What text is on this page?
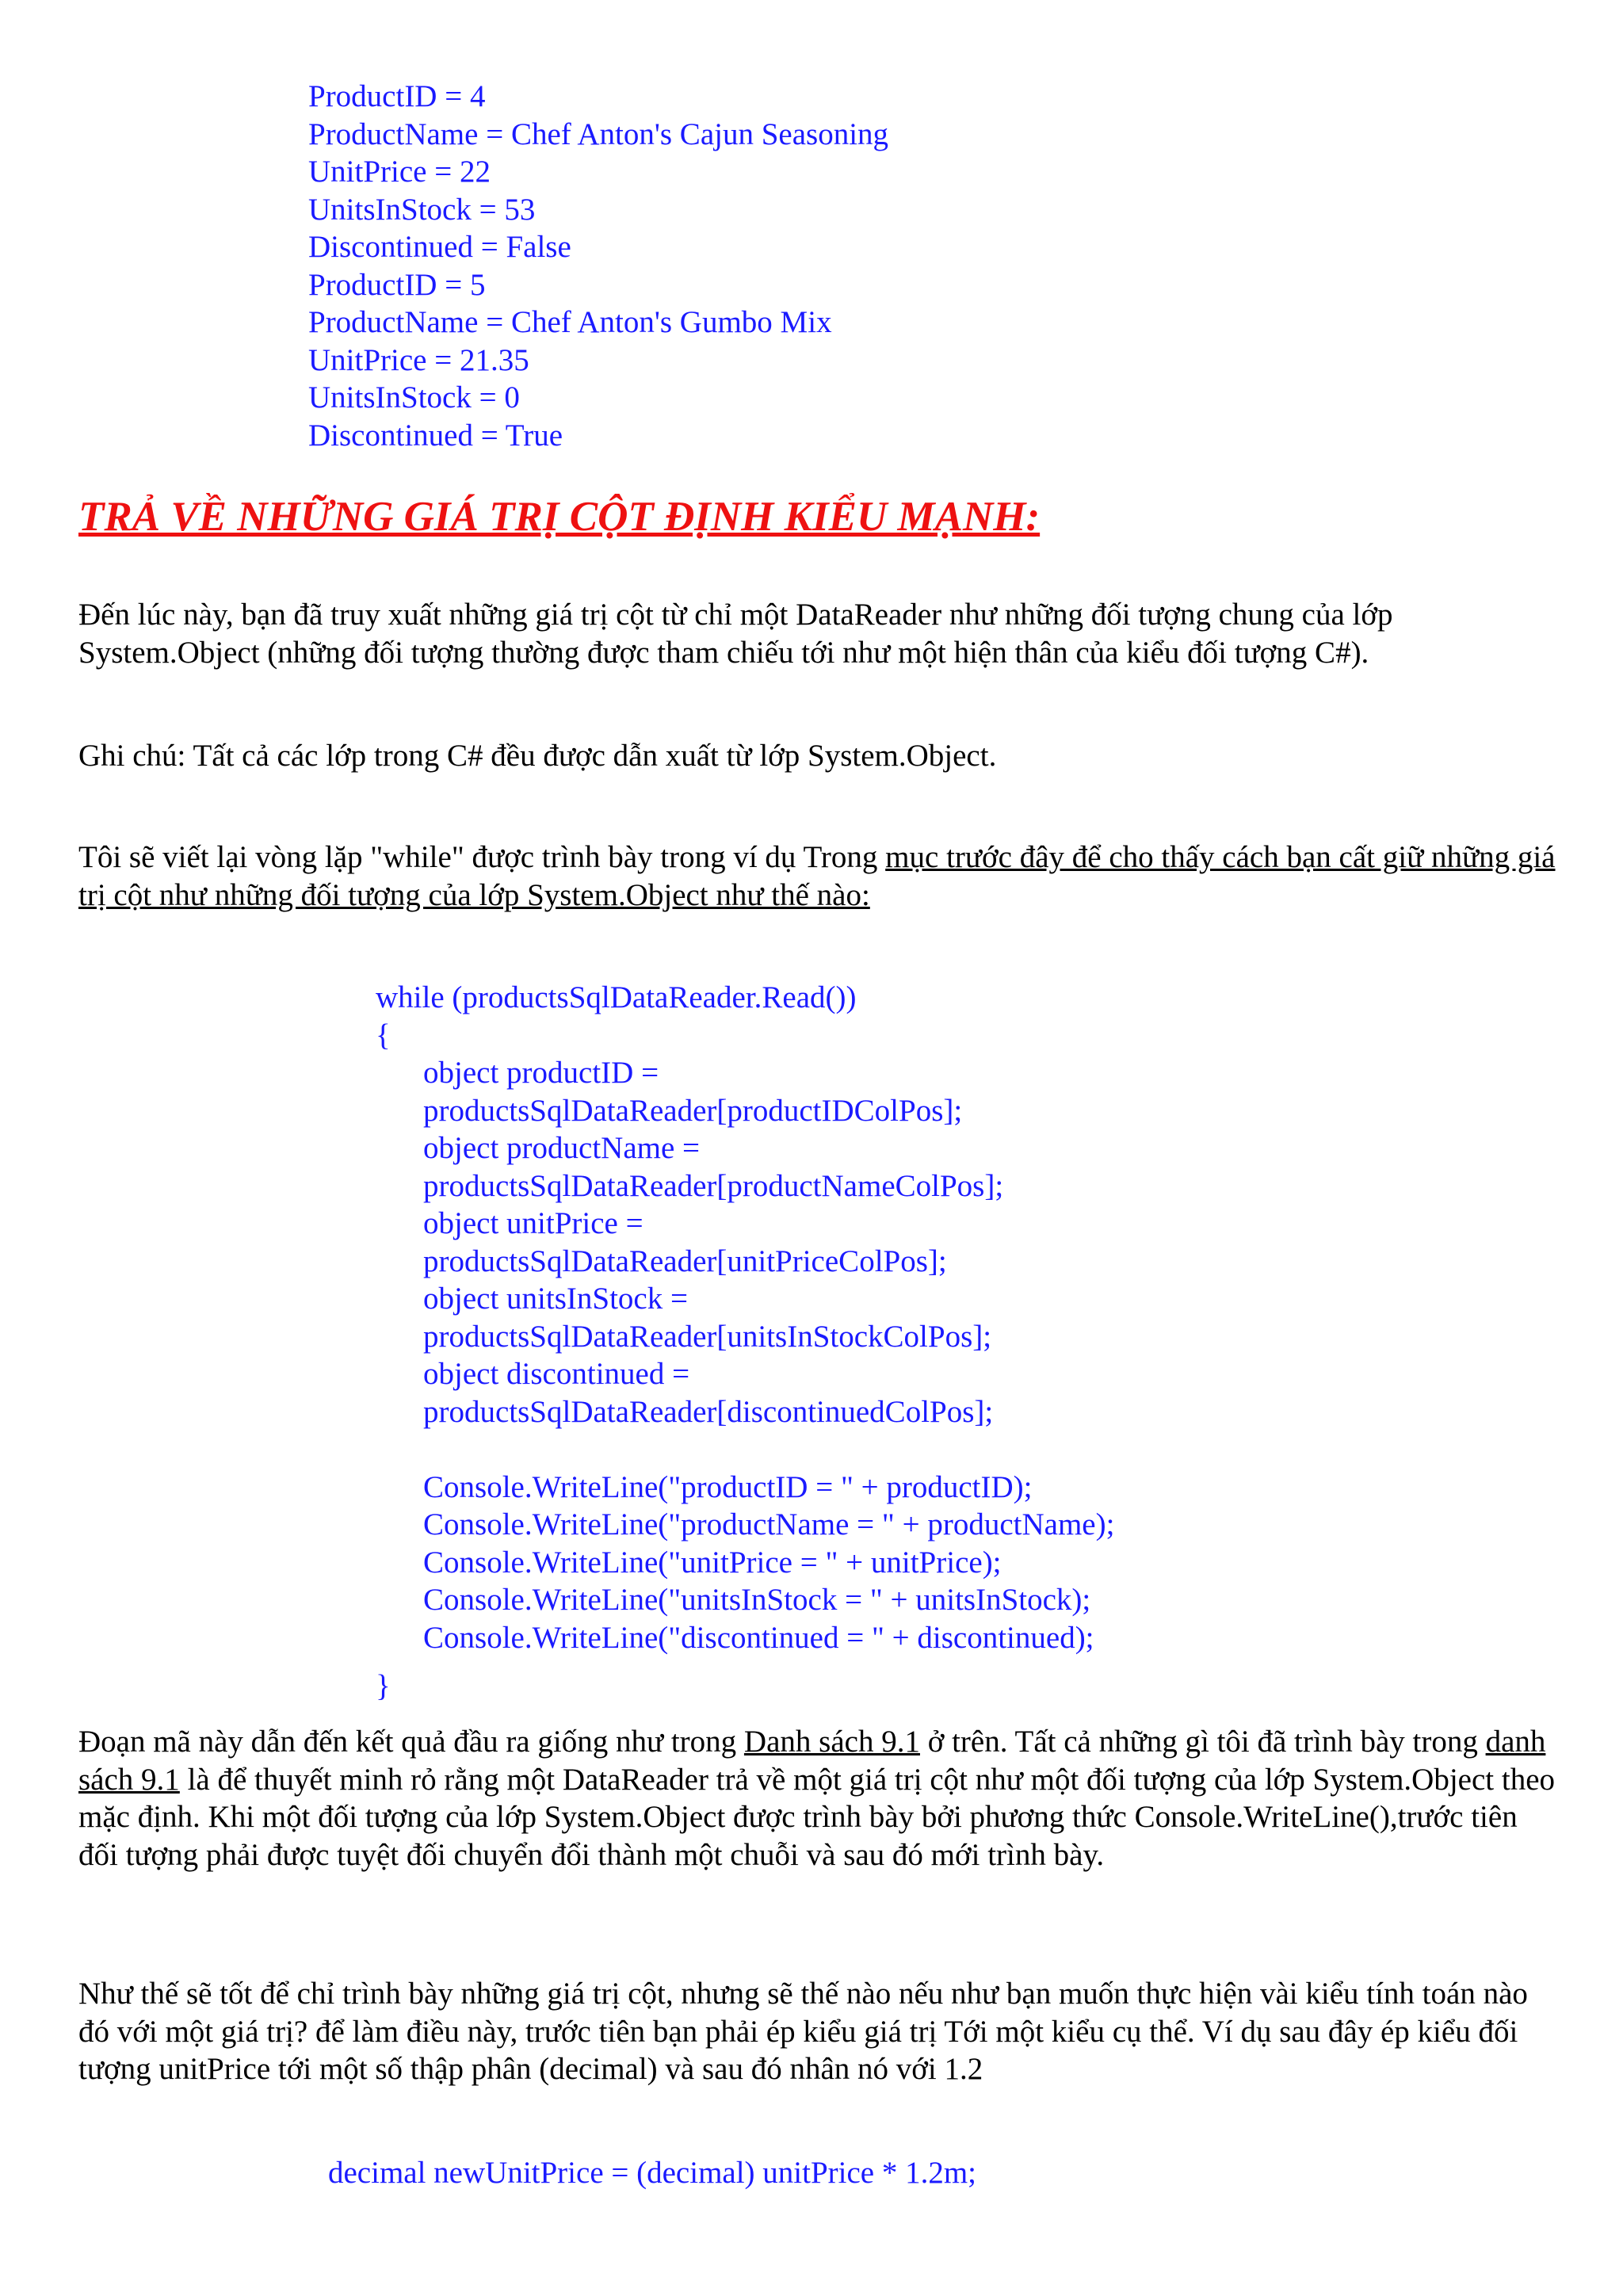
ProductID = 4
ProductName = Chef Anton's Cajun Seasoning
UnitPrice = 22
UnitsInStock = 53
Discontinued = False
ProductID = 5
ProductName = Chef Anton's Gumbo Mix
UnitPrice = 21.35
UnitsInStock = 0
Discontinued = True
TRẢ VỀ NHỮNG GIÁ TRỊ CỘT ĐỊNH KIỂU MẠNH:

Đến lúc này, bạn đã truy xuất những giá trị cột từ chỉ một DataReader như những đối tượng chung của lớp System.Object (những đối tượng thường được tham chiếu tới như một hiện thân của kiểu đối tượng C#).

Ghi chú: Tất cả các lớp trong C# đều được dẫn xuất từ lớp System.Object.

Tôi sẽ viết lại vòng lặp "while" được trình bày trong ví dụ Trong mục trước đây để cho thấy cách bạn cất giữ những giá trị cột như những đối tượng của lớp System.Object như thế nào:

while (productsSqlDataReader.Read())
{
object productID =
productsSqlDataReader[productIDColPos];
object productName =
productsSqlDataReader[productNameColPos];
object unitPrice =
productsSqlDataReader[unitPriceColPos];
object unitsInStock =
productsSqlDataReader[unitsInStockColPos];
object discontinued =
productsSqlDataReader[discontinuedColPos];
Console.WriteLine("productID = " + productID);
Console.WriteLine("productName = " + productName);
Console.WriteLine("unitPrice = " + unitPrice);
Console.WriteLine("unitsInStock = " + unitsInStock);
Console.WriteLine("discontinued = " + discontinued);
}

Đoạn mã này dẫn đến kết quả đầu ra giống như trong Danh sách 9.1 ở trên. Tất cả những gì tôi đã trình bày trong danh sách 9.1 là để thuyết minh rỏ rằng một DataReader trả về một giá trị cột như một đối tượng của lớp System.Object theo mặc định. Khi một đối tượng của lớp System.Object được trình bày bởi phương thức Console.WriteLine(),trước tiên đối tượng phải được tuyệt đối chuyển đổi thành một chuỗi và sau đó mới trình bày.

Như thế sẽ tốt để chỉ trình bày những giá trị cột, nhưng sẽ thế nào nếu như bạn muốn thực hiện vài kiểu tính toán nào đó với một giá trị? để làm điều này, trước tiên bạn phải ép kiểu giá trị Tới một kiểu cụ thể. Ví dụ sau đây ép kiểu đối tượng unitPrice tới một số thập phân (decimal) và sau đó nhân nó với 1.2

decimal newUnitPrice = (decimal) unitPrice * 1.2m;
